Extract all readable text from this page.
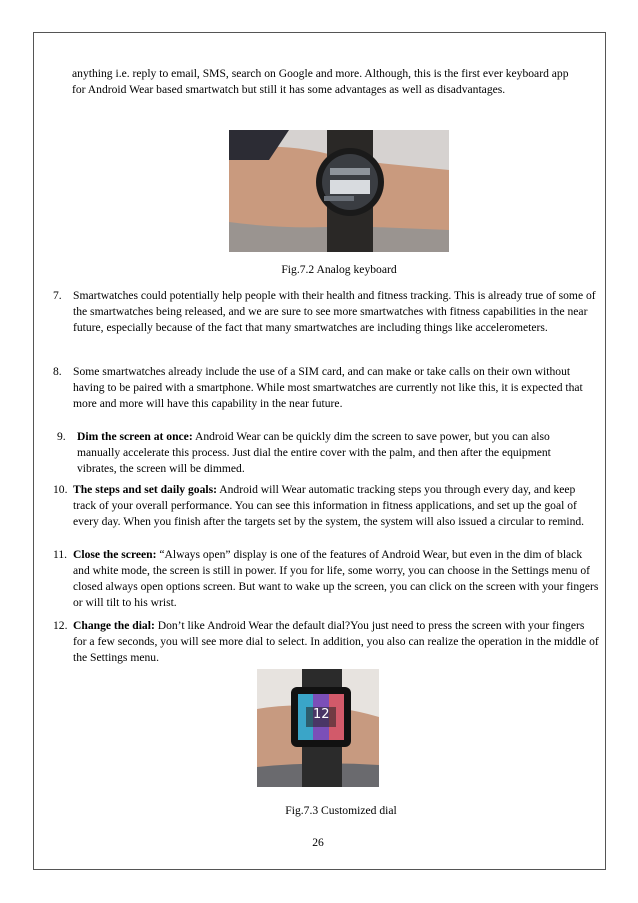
anything i.e. reply to email, SMS, search on Google and more. Although, this is the first ever keyboard app for Android Wear based smartwatch but still it has some advantages as well as disadvantages.

Fig.7.2 Analog keyboard
7. Smartwatches could potentially help people with their health and fitness tracking. This is already true of some of the smartwatches being released, and we are sure to see more smartwatches with fitness capabilities in the near future, especially because of the fact that many smartwatches are including things like accelerometers.
8. Some smartwatches already include the use of a SIM card, and can make or take calls on their own without having to be paired with a smartphone. While most smartwatches are currently not like this, it is expected that more and more will have this capability in the near future.
9. Dim the screen at once: Android Wear can be quickly dim the screen to save power, but you can also manually accelerate this process. Just dial the entire cover with the palm, and then after the equipment vibrates, the screen will be dimmed.
10. The steps and set daily goals: Android will Wear automatic tracking steps you through every day, and keep track of your overall performance. You can see this information in fitness applications, and set up the goal of every day. When you finish after the targets set by the system, the system will also issued a circular to remind.
11. Close the screen: “Always open” display is one of the features of Android Wear, but even in the dim of black and white mode, the screen is still in power. If you for life, some worry, you can choose in the Settings menu of closed always open options screen. But want to wake up the screen, you can click on the screen with your fingers or will tilt to his wrist.
12. Change the dial: Don’t like Android Wear the default dial?You just need to press the screen with your fingers for a few seconds, you will see more dial to select. In addition, you also can realize the operation in the middle of the Settings menu.
12
Fig.7.3 Customized dial
26
